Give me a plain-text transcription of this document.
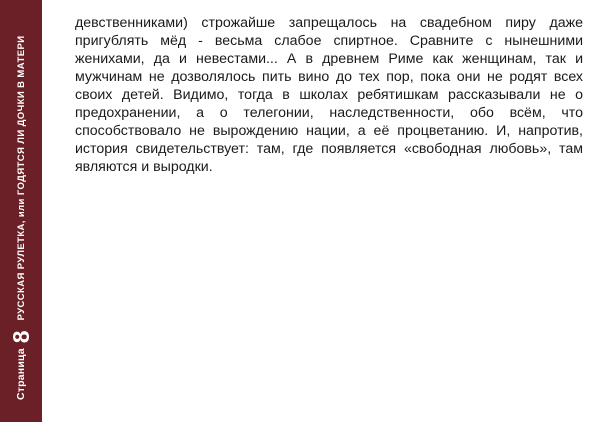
Страница
8
РУССКАЯ РУЛЕТКА, или ГОДЯТСЯ ЛИ ДОЧКИ В МАТЕРИ
девственниками) строжайше запрещалось на свадебном пиру даже
пригублять мёд - весьма слабое спиртное. Сравните с нынешними
женихами, да и невестами... А в древнем Риме как женщинам, так и
мужчинам не дозволялось пить вино до тех пор, пока они не родят всех
своих детей. Видимо, тогда в школах ребятишкам рассказывали не о
предохранении, а о телегонии, наследственности, обо всём, что
способствовало не вырождению нации, а её процветанию. И, напротив,
история свидетельствует: там, где появляется «свободная любовь», там
являются и выродки.
